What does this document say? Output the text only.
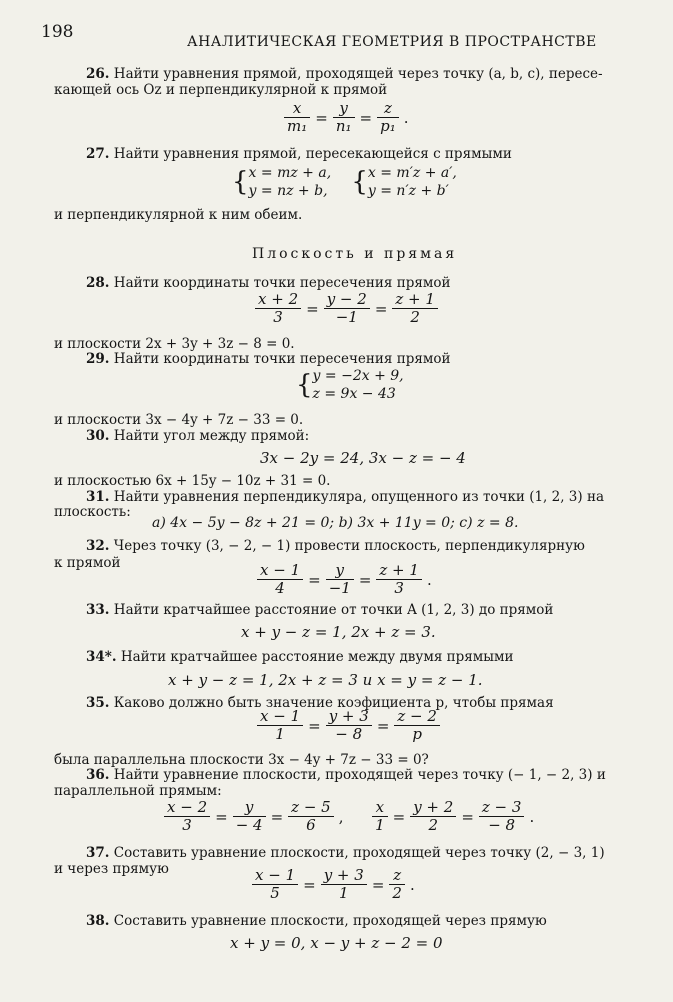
198	АНАЛИТИЧЕСКАЯ ГЕОМЕТРИЯ В ПРОСТРАНСТВЕ
26. Найти уравнения прямой, проходящей через точку (a, b, c), пересе-
кающей ось Oz и перпендикулярной к прямой
$\frac{x}{\text{m₁}} = \frac{y}{\text{n₁}} = \frac{z}{\text{p₁}}$ .
27. Найти уравнения прямой, пересекающейся с прямыми
{x = mz + a,
y = nz + b, {x = m′z + a′,
y = n′z + b′
и перпендикулярной к ним обеим.
Плоскость и прямая
28. Найти координаты точки пересечения прямой
$\frac{x + 2}{3} = \frac{y - 2}{-1} = \frac{z + 1}{2}$
и плоскости 2x + 3y + 3z − 8 = 0.
29. Найти координаты точки пересечения прямой
{y = −2x + 9,
z = 9x − 43
и плоскости 3x − 4y + 7z − 33 = 0.
30. Найти угол между прямой:
3x − 2y = 24, 3x − z = − 4
и плоскостью 6x + 15y − 10z + 31 = 0.
31. Найти уравнения перпендикуляра, опущенного из точки (1, 2, 3) на
плоскость:
a) 4x − 5y − 8z + 21 = 0; b) 3x + 11y = 0; c) z = 8.
32. Через точку (3, − 2, − 1) провести плоскость, перпендикулярную
к прямой	$\frac{x - 1}{4} = \frac{y}{-1} = \frac{z + 1}{3}$ .
33. Найти кратчайшее расстояние от точки A (1, 2, 3) до прямой
x + y − z = 1, 2x + z = 3.
34*. Найти кратчайшее расстояние между двумя прямыми
x + y − z = 1, 2x + z = 3 и x = y = z − 1.
35. Каково должно быть значение коэфициента p, чтобы прямая
$\frac{x - 1}{1} = \frac{y + 3}{- 8} = \frac{z - 2}{p}$
была параллельна плоскости 3x − 4y + 7z − 33 = 0?
36. Найти уравнение плоскости, проходящей через точку (− 1, − 2, 3) и
параллельной прямым:
$\frac{x - 2}{3} = \frac{y}{- 4} = \frac{z - 5}{6}$ , $\frac{x}{1} = \frac{y + 2}{2} = \frac{z - 3}{- 8}$ .
37. Составить уравнение плоскости, проходящей через точку (2, − 3, 1)
и через прямую	$\frac{x - 1}{5} = \frac{y + 3}{1} = \frac{z}{2}$ .
38. Составить уравнение плоскости, проходящей через прямую
x + y = 0, x − y + z − 2 = 0
